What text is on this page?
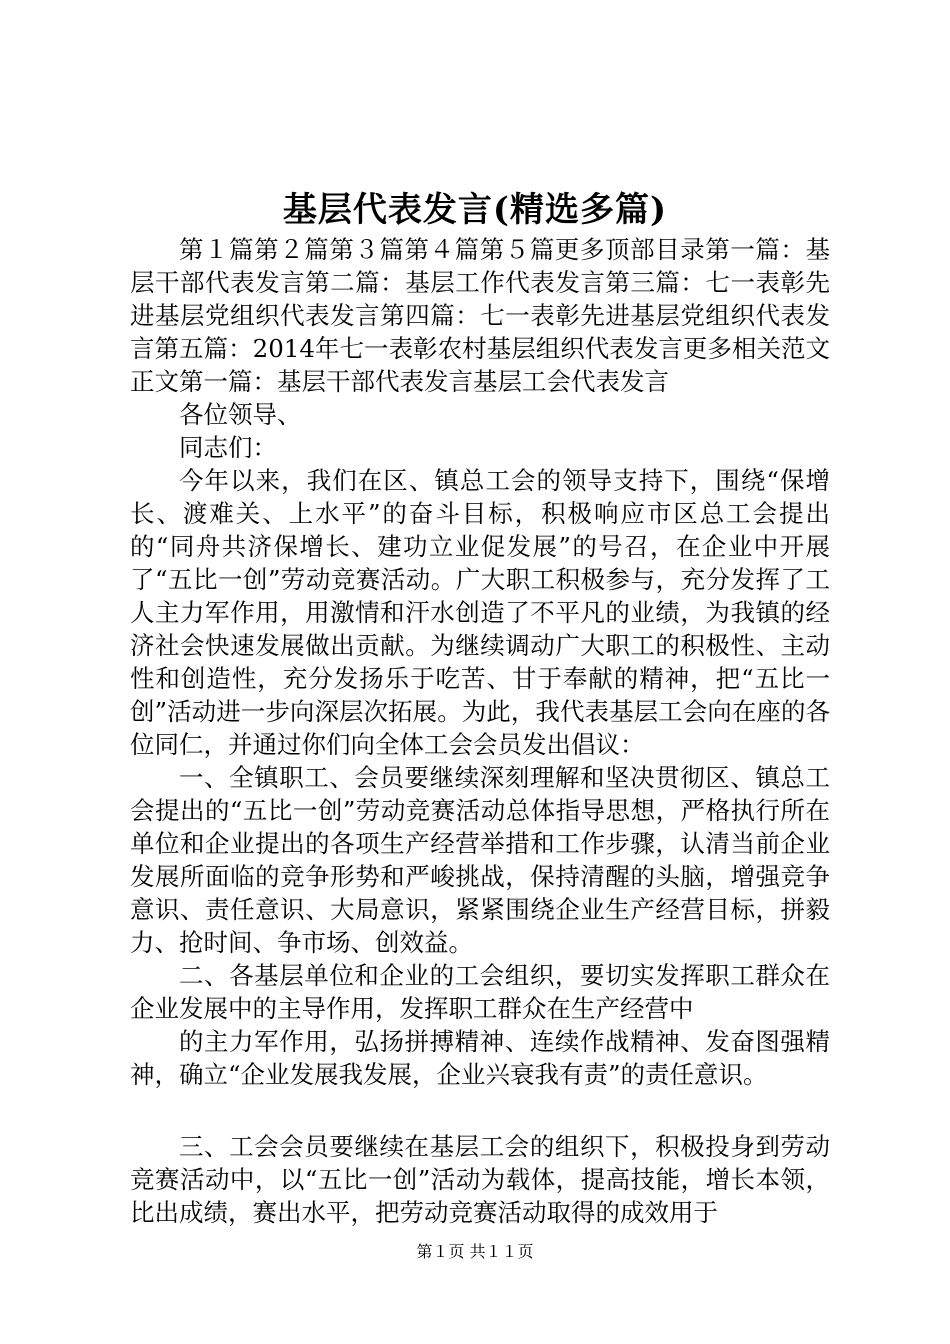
基层代表发言(精选多篇)

第１篇第２篇第３篇第４篇第５篇更多顶部目录第一篇：基层干部代表发言第二篇：基层工作代表发言第三篇：七一表彰先进基层党组织代表发言第四篇：七一表彰先进基层党组织代表发言第五篇：2014年七一表彰农村基层组织代表发言更多相关范文正文第一篇：基层干部代表发言基层工会代表发言

各位领导、

同志们：

今年以来，我们在区、镇总工会的领导支持下，围绕“保增长、渡难关、上水平”的奋斗目标，积极响应市区总工会提出的“同舟共济保增长、建功立业促发展”的号召，在企业中开展了“五比一创”劳动竞赛活动。广大职工积极参与，充分发挥了工人主力军作用，用激情和汗水创造了不平凡的业绩，为我镇的经济社会快速发展做出贡献。为继续调动广大职工的积极性、主动性和创造性，充分发扬乐于吃苦、甘于奉献的精神，把“五比一创”活动进一步向深层次拓展。为此，我代表基层工会向在座的各位同仁，并通过你们向全体工会会员发出倡议：

一、全镇职工、会员要继续深刻理解和坚决贯彻区、镇总工会提出的“五比一创”劳动竞赛活动总体指导思想，严格执行所在单位和企业提出的各项生产经营举措和工作步骤，认清当前企业发展所面临的竞争形势和严峻挑战，保持清醒的头脑，增强竞争意识、责任意识、大局意识，紧紧围绕企业生产经营目标，拼毅力、抢时间、争市场、创效益。

二、各基层单位和企业的工会组织，要切实发挥职工群众在企业发展中的主导作用，发挥职工群众在生产经营中

的主力军作用，弘扬拼搏精神、连续作战精神、发奋图强精神，确立“企业发展我发展，企业兴衰我有责”的责任意识。

三、工会会员要继续在基层工会的组织下，积极投身到劳动竞赛活动中，以“五比一创”活动为载体，提高技能，增长本领，比出成绩，赛出水平，把劳动竞赛活动取得的成效用于

第１页 共１１页
